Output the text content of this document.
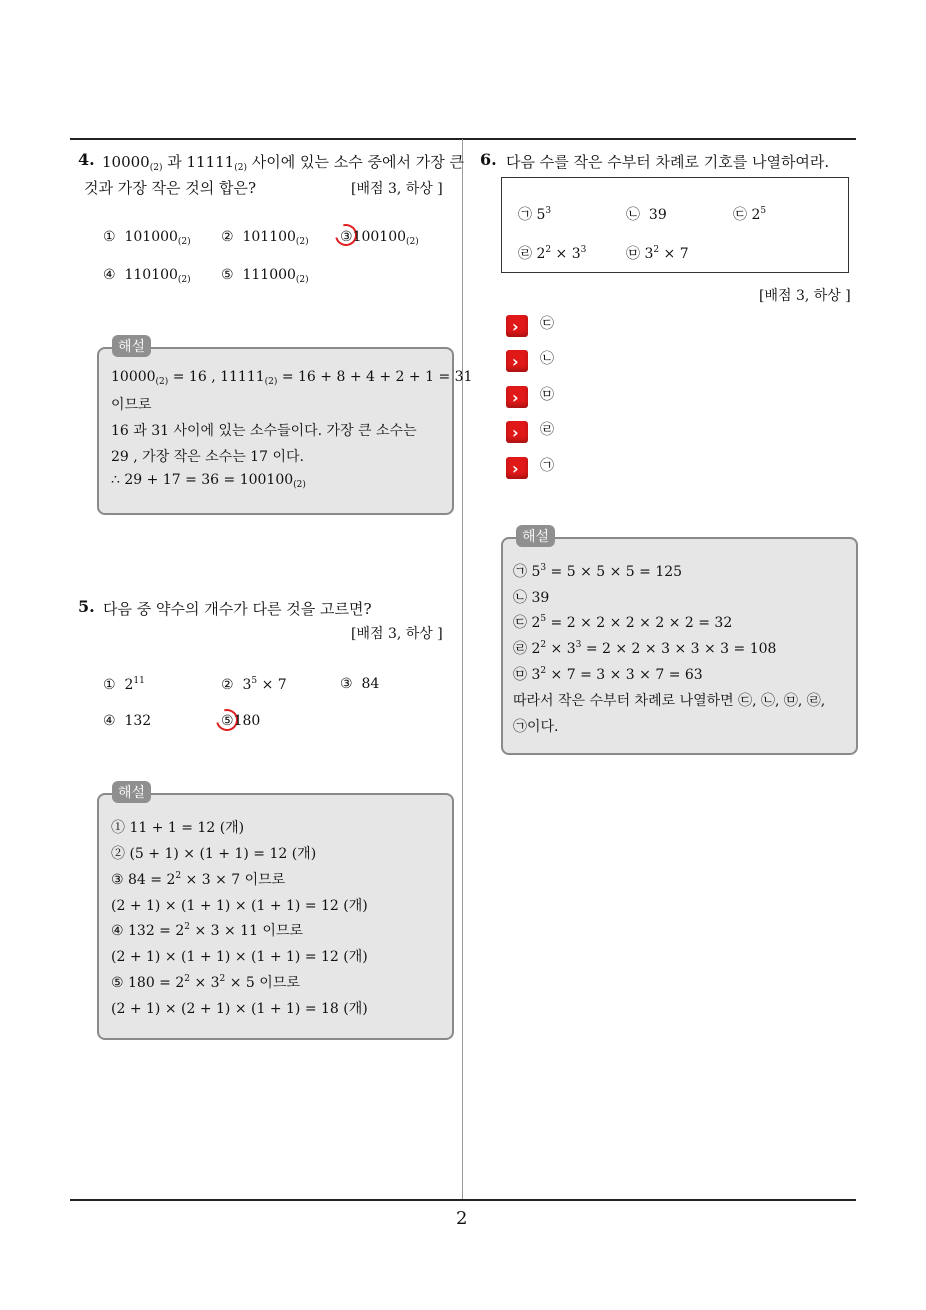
2
4. $10000_{(2)}$ 과 $11111_{(2)}$ 사이에 있는 소수 중에서 가장 큰
것과 가장 작은 것의 합은?	[배점 3, 하상 ]
① $101000_{(2)}$ ② $101100_{(2)}$ $③100100_{(2)}$
④ $110100_{(2)}$ ⑤ $111000_{(2)}$
$10000_{(2)} = 16$ , $11111_{(2)} = 16 + 8 + 4 + 2 + 1 = 31$
이므로
16 과 31 사이에 있는 소수들이다. 가장 큰 소수는
29 , 가장 작은 소수는 17 이다.
∴ $29 + 17 = 36 = 100100_{(2)}$
해설
5. 다음 중 약수의 개수가 다른 것을 고르면?
[배점 3, 하상 ]
① $2^{11}$	② $3^5 \times 7$	③ 84
④ 132	⑤180
① 11 + 1 = 12 (개)
② (5 + 1) × (1 + 1) = 12 (개)
③ $84 = 2^2 \times 3 \times 7$ 이므로
(2 + 1) × (1 + 1) × (1 + 1) = 12 (개)
④ $132 = 2^2 \times 3 \times 11$ 이므로
(2 + 1) × (1 + 1) × (1 + 1) = 12 (개)
⑤ $180 = 2^2 \times 3^2 \times 5$ 이므로
(2 + 1) × (2 + 1) × (1 + 1) = 18 (개)
해설
6. 다음 수를 작은 수부터 차례로 기호를 나열하여라.
㉠ $5^3$	㉡ 39	㉢ $2^5$
㉣ $2^2 \times 3^3$	㉤ $3^2 \times 7$
[배점 3, 하상 ]
› ㉢
› ㉡
› ㉤
› ㉣
› ㉠
㉠ $5^3 = 5 \times 5 \times 5 = 125$
㉡ 39
㉢ $2^5 = 2 \times 2 \times 2 \times 2 \times 2 = 32$
㉣ $2^2 \times 3^3 = 2 \times 2 \times 3 \times 3 \times 3 = 108$
㉤ $3^2 \times 7 = 3 \times 3 \times 7 = 63$
따라서 작은 수부터 차례로 나열하면 ㉢, ㉡, ㉤, ㉣,
㉠이다.
해설
